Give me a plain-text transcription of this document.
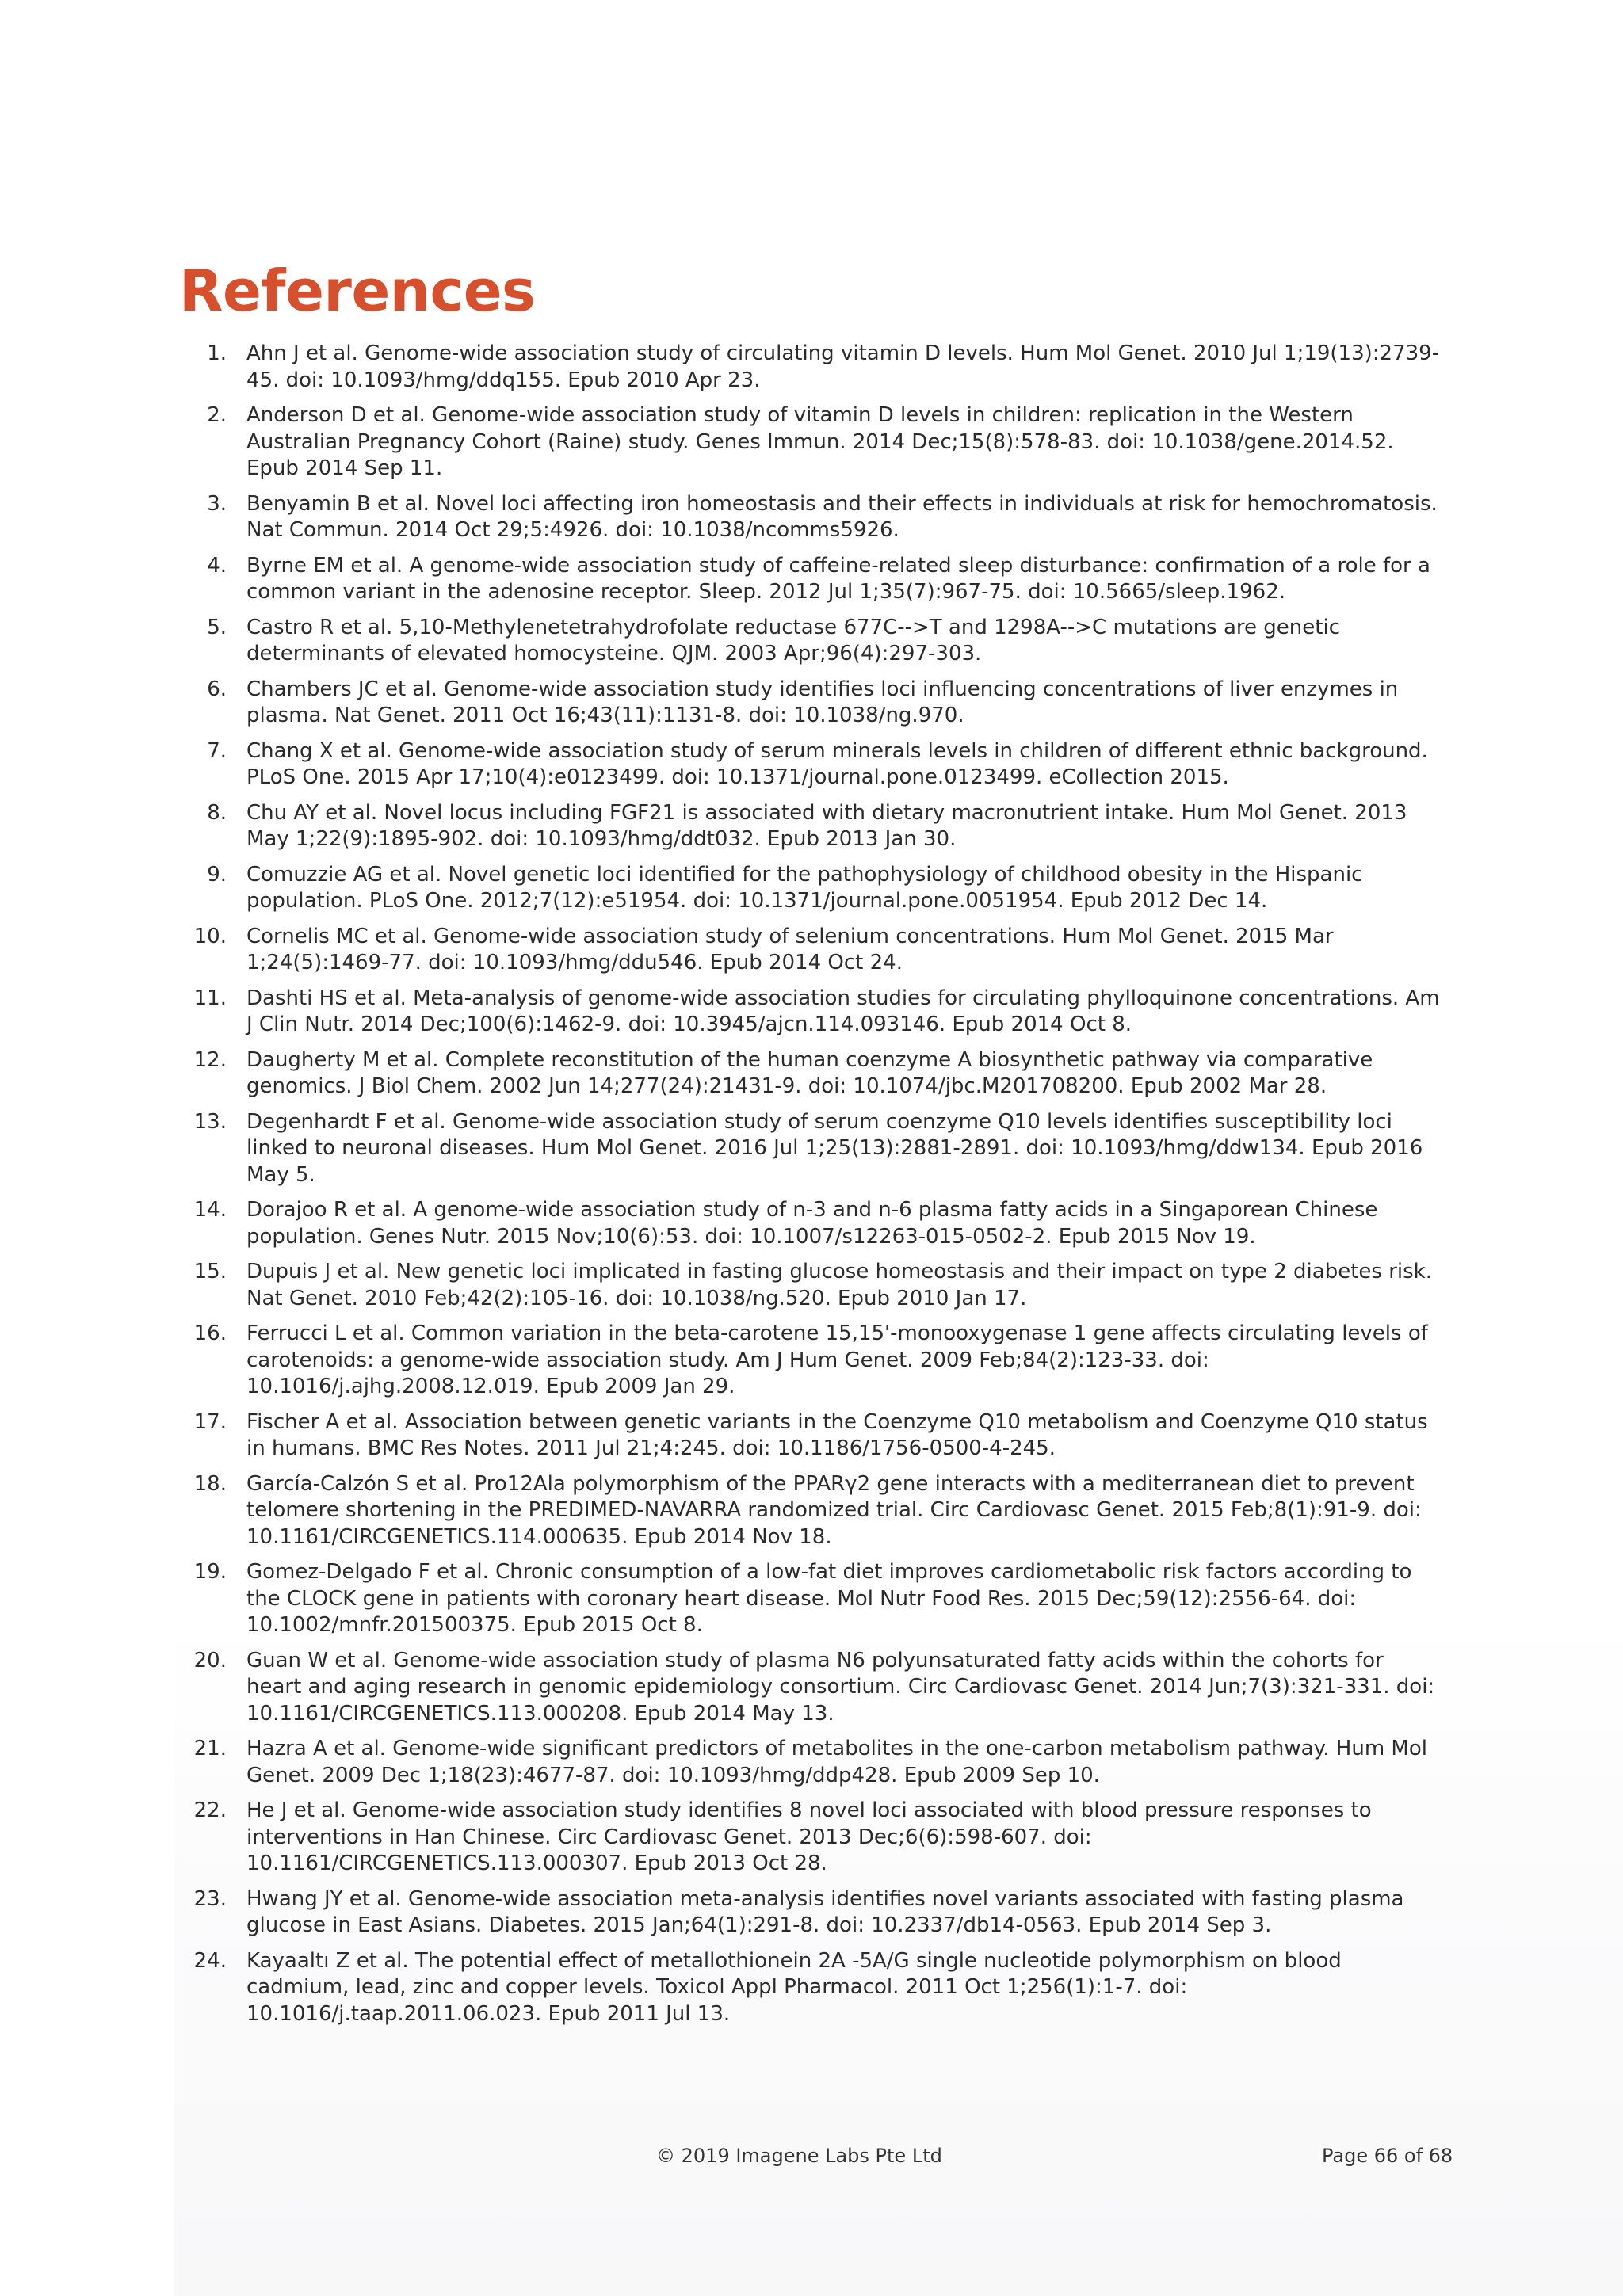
References
1. Ahn J et al. Genome-wide association study of circulating vitamin D levels. Hum Mol Genet. 2010 Jul 1;19(13):2739-45. doi: 10.1093/hmg/ddq155. Epub 2010 Apr 23.
2. Anderson D et al. Genome-wide association study of vitamin D levels in children: replication in the Western Australian Pregnancy Cohort (Raine) study. Genes Immun. 2014 Dec;15(8):578-83. doi: 10.1038/gene.2014.52. Epub 2014 Sep 11.
3. Benyamin B et al. Novel loci affecting iron homeostasis and their effects in individuals at risk for hemochromatosis. Nat Commun. 2014 Oct 29;5:4926. doi: 10.1038/ncomms5926.
4. Byrne EM et al. A genome-wide association study of caffeine-related sleep disturbance: confirmation of a role for a common variant in the adenosine receptor. Sleep. 2012 Jul 1;35(7):967-75. doi: 10.5665/sleep.1962.
5. Castro R et al. 5,10-Methylenetetrahydrofolate reductase 677C-->T and 1298A-->C mutations are genetic determinants of elevated homocysteine. QJM. 2003 Apr;96(4):297-303.
6. Chambers JC et al. Genome-wide association study identifies loci influencing concentrations of liver enzymes in plasma. Nat Genet. 2011 Oct 16;43(11):1131-8. doi: 10.1038/ng.970.
7. Chang X et al. Genome-wide association study of serum minerals levels in children of different ethnic background. PLoS One. 2015 Apr 17;10(4):e0123499. doi: 10.1371/journal.pone.0123499. eCollection 2015.
8. Chu AY et al. Novel locus including FGF21 is associated with dietary macronutrient intake. Hum Mol Genet. 2013 May 1;22(9):1895-902. doi: 10.1093/hmg/ddt032. Epub 2013 Jan 30.
9. Comuzzie AG et al. Novel genetic loci identified for the pathophysiology of childhood obesity in the Hispanic population. PLoS One. 2012;7(12):e51954. doi: 10.1371/journal.pone.0051954. Epub 2012 Dec 14.
10. Cornelis MC et al. Genome-wide association study of selenium concentrations. Hum Mol Genet. 2015 Mar 1;24(5):1469-77. doi: 10.1093/hmg/ddu546. Epub 2014 Oct 24.
11. Dashti HS et al. Meta-analysis of genome-wide association studies for circulating phylloquinone concentrations. Am J Clin Nutr. 2014 Dec;100(6):1462-9. doi: 10.3945/ajcn.114.093146. Epub 2014 Oct 8.
12. Daugherty M et al. Complete reconstitution of the human coenzyme A biosynthetic pathway via comparative genomics. J Biol Chem. 2002 Jun 14;277(24):21431-9. doi: 10.1074/jbc.M201708200. Epub 2002 Mar 28.
13. Degenhardt F et al. Genome-wide association study of serum coenzyme Q10 levels identifies susceptibility loci linked to neuronal diseases. Hum Mol Genet. 2016 Jul 1;25(13):2881-2891. doi: 10.1093/hmg/ddw134. Epub 2016 May 5.
14. Dorajoo R et al. A genome-wide association study of n-3 and n-6 plasma fatty acids in a Singaporean Chinese population. Genes Nutr. 2015 Nov;10(6):53. doi: 10.1007/s12263-015-0502-2. Epub 2015 Nov 19.
15. Dupuis J et al. New genetic loci implicated in fasting glucose homeostasis and their impact on type 2 diabetes risk. Nat Genet. 2010 Feb;42(2):105-16. doi: 10.1038/ng.520. Epub 2010 Jan 17.
16. Ferrucci L et al. Common variation in the beta-carotene 15,15'-monooxygenase 1 gene affects circulating levels of carotenoids: a genome-wide association study. Am J Hum Genet. 2009 Feb;84(2):123-33. doi: 10.1016/j.ajhg.2008.12.019. Epub 2009 Jan 29.
17. Fischer A et al. Association between genetic variants in the Coenzyme Q10 metabolism and Coenzyme Q10 status in humans. BMC Res Notes. 2011 Jul 21;4:245. doi: 10.1186/1756-0500-4-245.
18. García-Calzón S et al. Pro12Ala polymorphism of the PPARγ2 gene interacts with a mediterranean diet to prevent telomere shortening in the PREDIMED-NAVARRA randomized trial. Circ Cardiovasc Genet. 2015 Feb;8(1):91-9. doi: 10.1161/CIRCGENETICS.114.000635. Epub 2014 Nov 18.
19. Gomez-Delgado F et al. Chronic consumption of a low-fat diet improves cardiometabolic risk factors according to the CLOCK gene in patients with coronary heart disease. Mol Nutr Food Res. 2015 Dec;59(12):2556-64. doi: 10.1002/mnfr.201500375. Epub 2015 Oct 8.
20. Guan W et al. Genome-wide association study of plasma N6 polyunsaturated fatty acids within the cohorts for heart and aging research in genomic epidemiology consortium. Circ Cardiovasc Genet. 2014 Jun;7(3):321-331. doi: 10.1161/CIRCGENETICS.113.000208. Epub 2014 May 13.
21. Hazra A et al. Genome-wide significant predictors of metabolites in the one-carbon metabolism pathway. Hum Mol Genet. 2009 Dec 1;18(23):4677-87. doi: 10.1093/hmg/ddp428. Epub 2009 Sep 10.
22. He J et al. Genome-wide association study identifies 8 novel loci associated with blood pressure responses to interventions in Han Chinese. Circ Cardiovasc Genet. 2013 Dec;6(6):598-607. doi: 10.1161/CIRCGENETICS.113.000307. Epub 2013 Oct 28.
23. Hwang JY et al. Genome-wide association meta-analysis identifies novel variants associated with fasting plasma glucose in East Asians. Diabetes. 2015 Jan;64(1):291-8. doi: 10.2337/db14-0563. Epub 2014 Sep 3.
24. Kayaaltı Z et al. The potential effect of metallothionein 2A -5A/G single nucleotide polymorphism on blood cadmium, lead, zinc and copper levels. Toxicol Appl Pharmacol. 2011 Oct 1;256(1):1-7. doi: 10.1016/j.taap.2011.06.023. Epub 2011 Jul 13.
© 2019 Imagene Labs Pte Ltd	Page 66 of 68
